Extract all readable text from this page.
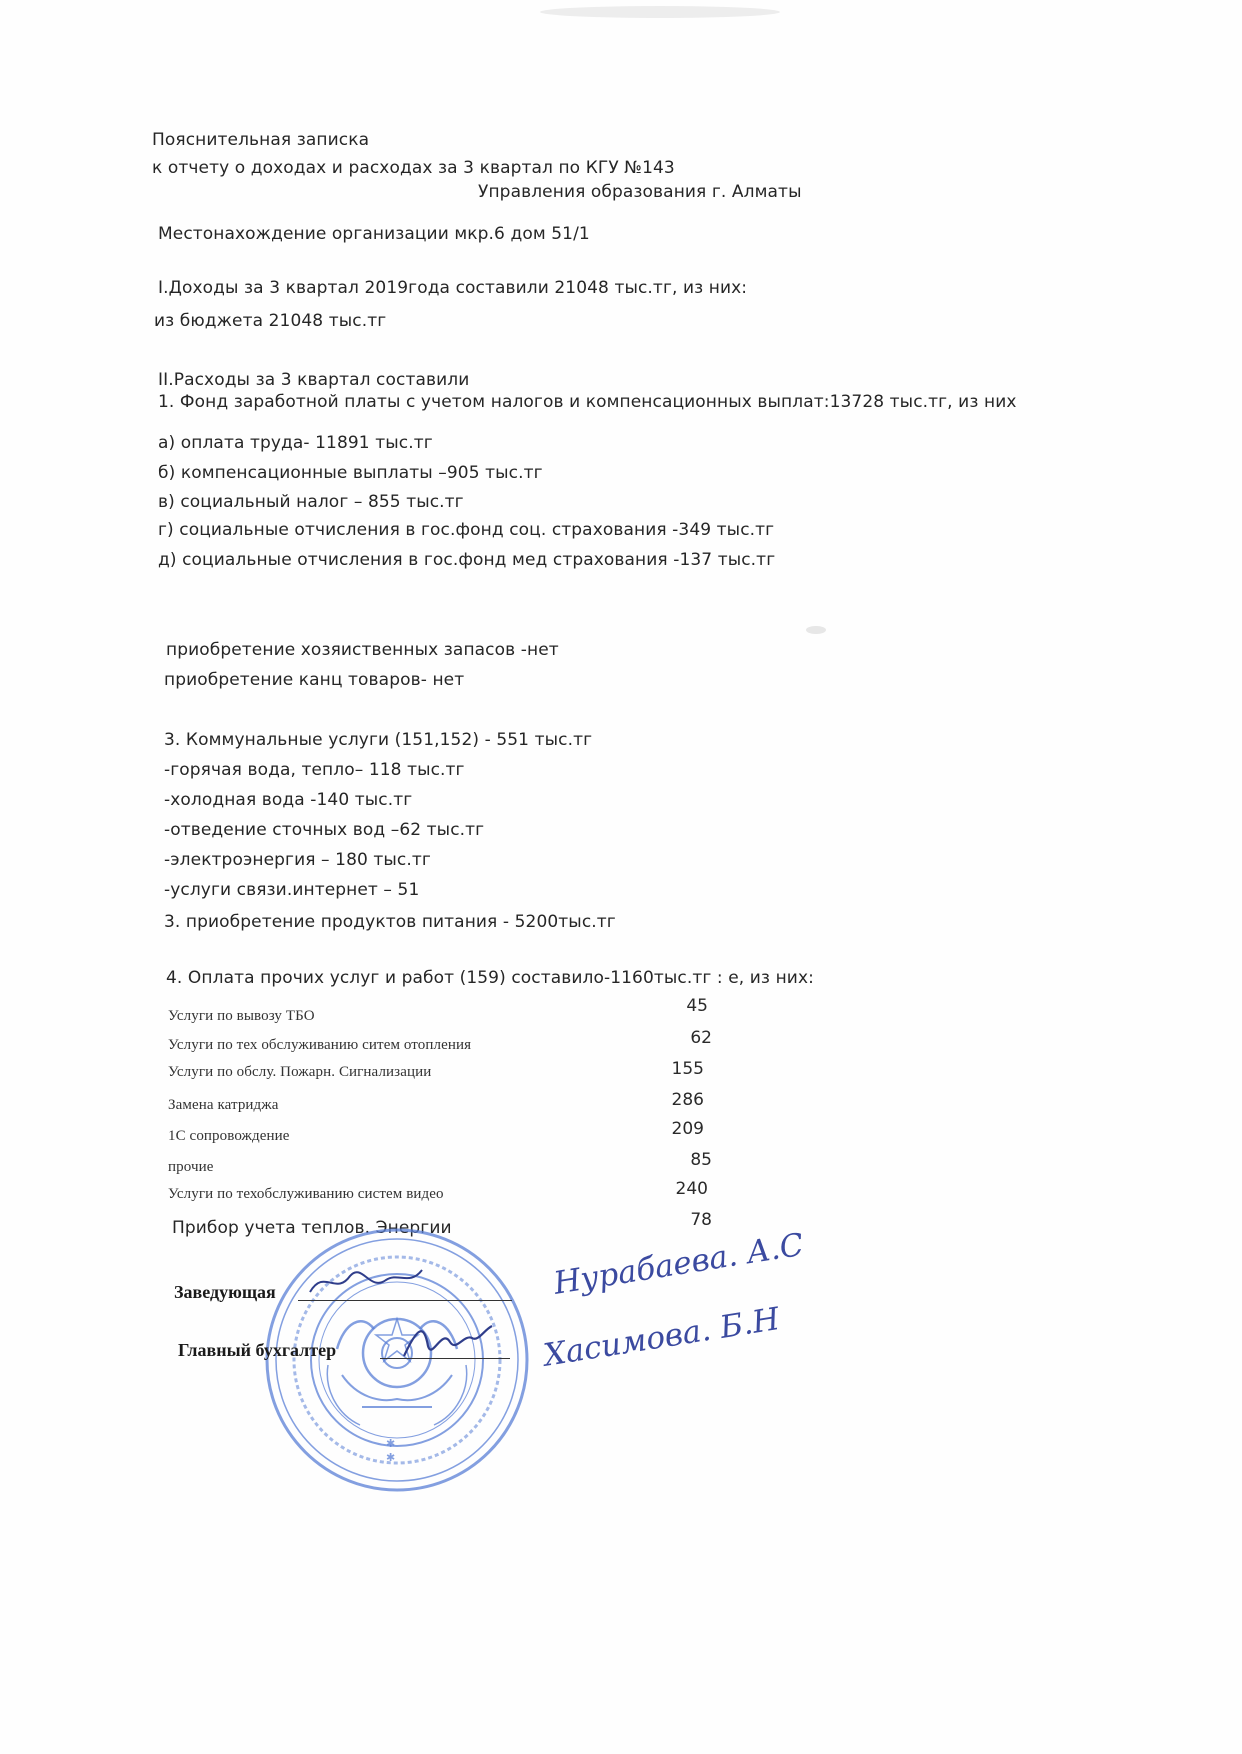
Пояснительная записка
к отчету о доходах и расходах за 3 квартал по КГУ №143
Управления образования г. Алматы
Местонахождение организации мкр.6 дом 51/1
I.Доходы за 3 квартал 2019года составили 21048 тыс.тг, из них:
из бюджета 21048 тыс.тг
II.Расходы за 3 квартал составили
1. Фонд заработной платы с учетом налогов и компенсационных выплат:13728 тыс.тг, из них
а) оплата труда- 11891 тыс.тг
б) компенсационные выплаты –905 тыс.тг
в) социальный налог – 855 тыс.тг
г) социальные отчисления в гос.фонд соц. страхования -349 тыс.тг
д) социальные отчисления в гос.фонд мед страхования -137 тыс.тг
приобретение хозяиственных запасов -нет
приобретение канц товаров- нет
3. Коммунальные услуги (151,152) - 551 тыс.тг
-горячая вода, тепло– 118 тыс.тг
-холодная вода -140 тыс.тг
-отведение сточных вод –62 тыс.тг
-электроэнергия – 180 тыс.тг
-услуги связи.интернет – 51
3. приобретение продуктов питания - 5200тыс.тг
4. Оплата прочих услуг и работ (159) составило-1160тыс.тг : е, из них:
Услуги по вывозу ТБО	45
Услуги по тех обслуживанию ситем отопления	62
Услуги по обслу. Пожарн. Сигнализации	155
Замена катриджа	286
1С сопровождение	209
прочие	85
Услуги по техобслуживанию систем видео	240
Прибор учета теплов. Энергии	78
✱
✱
Заведующая
Главный бухгалтер
Нурабаева. А.С
Хасимова. Б.Н
